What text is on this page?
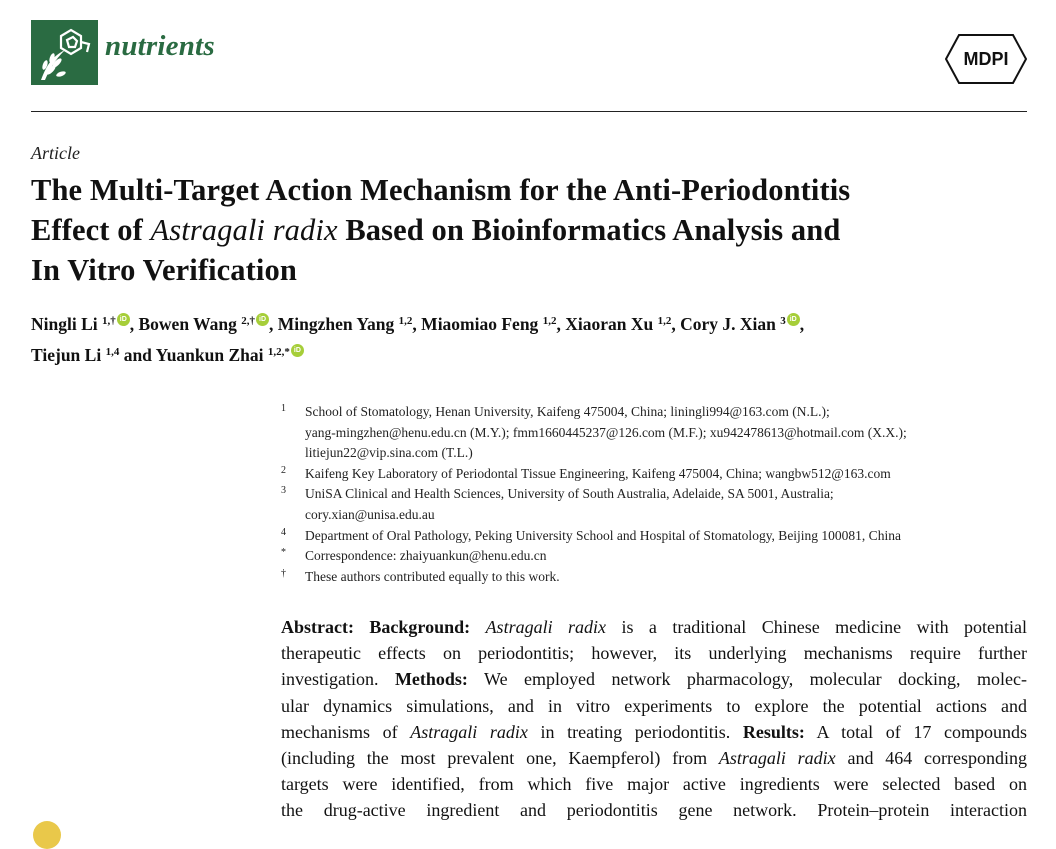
nutrients	MDPI
Article
The Multi-Target Action Mechanism for the Anti-Periodontitis
Effect of Astragali radix Based on Bioinformatics Analysis and
In Vitro Verification
Ningli Li $^{1,\dagger}$ iD , Bowen Wang $^{2,\dagger}$ iD , Mingzhen Yang $^{1,2}$, Miaomiao Feng $^{1,2}$, Xiaoran Xu $^{1,2}$, Cory J. Xian $^3$ iD ,
Tiejun Li $^{1,4}$ and Yuankun Zhai $^{1,2,*}$ iD
1 School of Stomatology, Henan University, Kaifeng 475004, China; liningli994@163.com (N.L.);
yang-mingzhen@henu.edu.cn (M.Y.); fmm1660445237@126.com (M.F.); xu942478613@hotmail.com (X.X.);
litiejun22@vip.sina.com (T.L.)
2 Kaifeng Key Laboratory of Periodontal Tissue Engineering, Kaifeng 475004, China; wangbw512@163.com
3 UniSA Clinical and Health Sciences, University of South Australia, Adelaide, SA 5001, Australia;
cory.xian@unisa.edu.au
4 Department of Oral Pathology, Peking University School and Hospital of Stomatology, Beijing 100081, China
* Correspondence: zhaiyuankun@henu.edu.cn
† These authors contributed equally to this work.
Abstract: Background: Astragali radix is a traditional Chinese medicine with potential
therapeutic effects on periodontitis; however, its underlying mechanisms require further
investigation. Methods: We employed network pharmacology, molecular docking, molec-
ular dynamics simulations, and in vitro experiments to explore the potential actions and
mechanisms of Astragali radix in treating periodontitis. Results: A total of 17 compounds
(including the most prevalent one, Kaempferol) from Astragali radix and 464 corresponding
targets were identified, from which five major active ingredients were selected based on
the drug-active ingredient and periodontitis gene network. Protein–protein interaction
